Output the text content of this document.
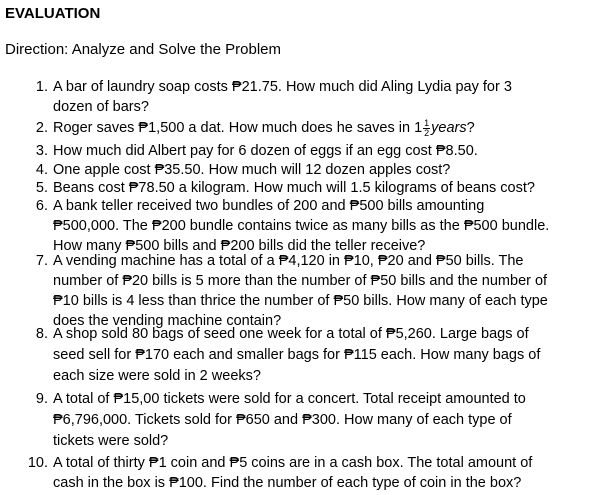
EVALUATION
Direction: Analyze and Solve the Problem
1. A bar of laundry soap costs ₱21.75. How much did Aling Lydia pay for 3
dozen of bars?
2. Roger saves ₱1,500 a dat. How much does he saves in $1 \frac{1}{2}$ years?
3. How much did Albert pay for 6 dozen of eggs if an egg cost ₱8.50.
4. One apple cost ₱35.50. How much will 12 dozen apples cost?
5. Beans cost ₱78.50 a kilogram. How much will 1.5 kilograms of beans cost?
6. A bank teller received two bundles of 200 and ₱500 bills amounting
₱500,000. The ₱200 bundle contains twice as many bills as the ₱500 bundle.
How many ₱500 bills and ₱200 bills did the teller receive?
7. A vending machine has a total of a ₱4,120 in ₱10, ₱20 and ₱50 bills. The
number of ₱20 bills is 5 more than the number of ₱50 bills and the number of
₱10 bills is 4 less than thrice the number of ₱50 bills. How many of each type
does the vending machine contain?
8. A shop sold 80 bags of seed one week for a total of ₱5,260. Large bags of
seed sell for ₱170 each and smaller bags for ₱115 each. How many bags of
each size were sold in 2 weeks?
9. A total of ₱15,00 tickets were sold for a concert. Total receipt amounted to
₱6,796,000. Tickets sold for ₱650 and ₱300. How many of each type of
tickets were sold?
10. A total of thirty ₱1 coin and ₱5 coins are in a cash box. The total amount of
cash in the box is ₱100. Find the number of each type of coin in the box?
